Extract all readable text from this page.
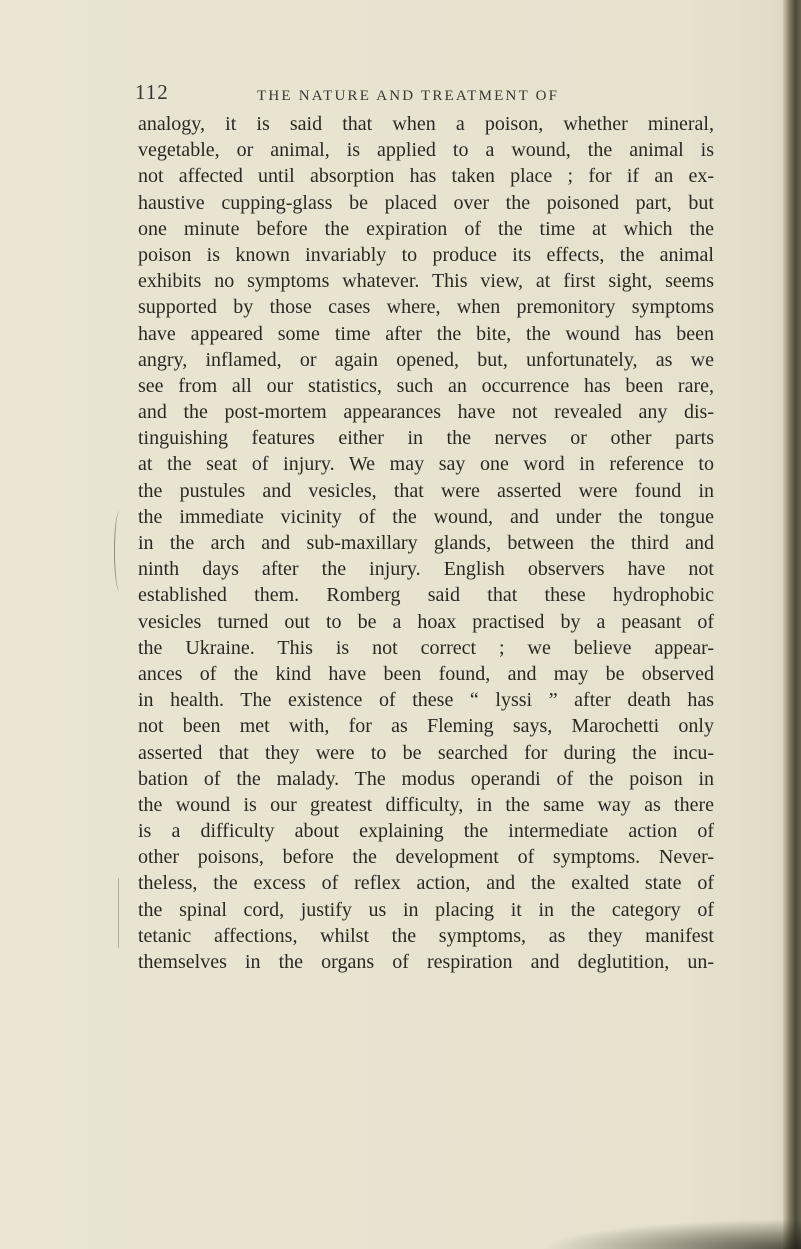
112	THE NATURE AND TREATMENT OF
analogy, it is said that when a poison, whether mineral,
vegetable, or animal, is applied to a wound, the animal is
not affected until absorption has taken place ; for if an ex-
haustive cupping-glass be placed over the poisoned part, but
one minute before the expiration of the time at which the
poison is known invariably to produce its effects, the animal
exhibits no symptoms whatever. This view, at first sight, seems
supported by those cases where, when premonitory symptoms
have appeared some time after the bite, the wound has been
angry, inflamed, or again opened, but, unfortunately, as we
see from all our statistics, such an occurrence has been rare,
and the post-mortem appearances have not revealed any dis-
tinguishing features either in the nerves or other parts
at the seat of injury. We may say one word in reference to
the pustules and vesicles, that were asserted were found in
the immediate vicinity of the wound, and under the tongue
in the arch and sub-maxillary glands, between the third and
ninth days after the injury. English observers have not
established them. Romberg said that these hydrophobic
vesicles turned out to be a hoax practised by a peasant of
the Ukraine. This is not correct ; we believe appear-
ances of the kind have been found, and may be observed
in health. The existence of these “ lyssi ” after death has
not been met with, for as Fleming says, Marochetti only
asserted that they were to be searched for during the incu-
bation of the malady. The modus operandi of the poison in
the wound is our greatest difficulty, in the same way as there
is a difficulty about explaining the intermediate action of
other poisons, before the development of symptoms. Never-
theless, the excess of reflex action, and the exalted state of
the spinal cord, justify us in placing it in the category of
tetanic affections, whilst the symptoms, as they manifest
themselves in the organs of respiration and deglutition, un-
